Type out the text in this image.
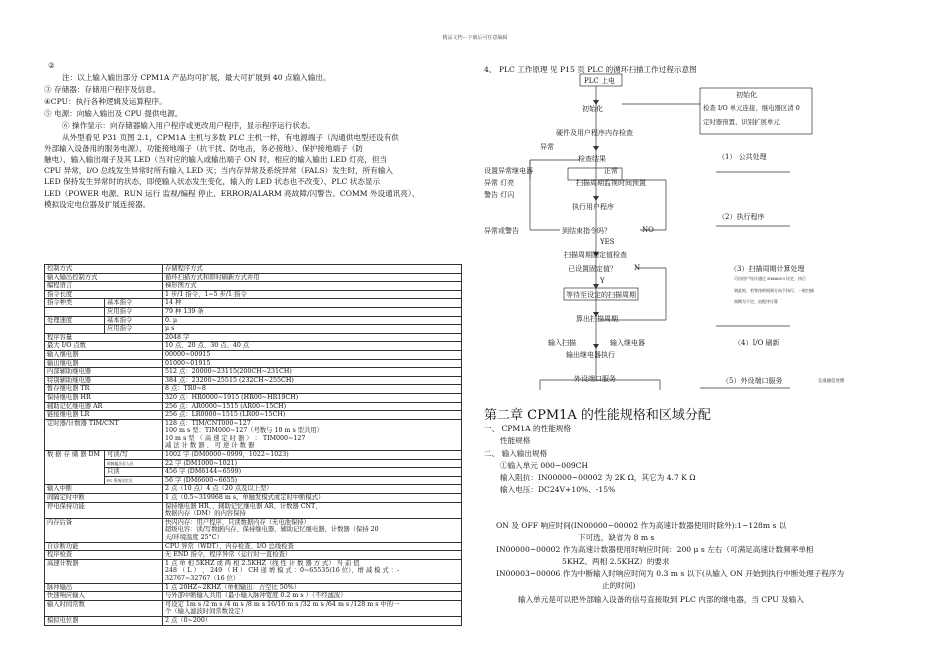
精品文档---下载后可任意编辑
②
注：以上输入输出部分 CPM1A 产品均可扩展，最大可扩展到 40 点输入输出。
③ 存储器：存储用户程序及信息。
④CPU：执行各种逻辑及运算程序。
⑤ 电源：向输入输出及 CPU 提供电源。
⑥ 操作显示：向存储器输入用户程序或更改用户程序，显示程序运行状态。
从外型看见 P31 页图 2.1，CPM1A 主机与多数 PLC 主机一样，有电源端子（沟通供电型还设有供
外部输入设备用的服务电源）、功能接地端子（抗干扰、防电击，务必接地）、保护接地端子（防
触电）、输入输出端子及其 LED（当对应的输入或输出端子 ON 时，相应的输入输出 LED 灯亮，但当
CPU 异常，I/O 总线发生异常时所有输入 LED 灭；当内存异常及系统异常（FALS）发生时，所有输入
LED 保持发生异常时的状态，即使输入状态发生变化，输入的 LED 状态也不改变）、PLC 状态显示
LED（POWER 电源、RUN 运行 监视/编程 停止、ERROR/ALARM 亮故障/闪警告、COMM 外设通讯亮）、
模拟设定电位器及扩展连接器。
控制方式		存储程序方式
输入输出控制方式		循环扫描方式和即时刷新方式并用
编程语言		梯形图方式
指令长度		1 步/1 指令，1~5 步/1 指令
指令种类	基本指令	14 种
	应用指令	79 种 139 条
处理速度	基本指令	0. μ
	应用指令	μ s
程序容量		2048 字
最大 I/O 点数		10 点、20 点、30 点、40 点
输入继电器		00000~00915
输出继电器		01000~01915
内部辅助继电器		512 点：20000~23115(200CH~231CH)
特别辅助继电器		384 点：23200~25515 (232CH~255CH)
暂存继电器 TR		8 点：TR0~8
保持继电器 HR		320 点：HR0000~1915 (HR00~HR19CH)
辅助记忆继电器 AR		256 点：AR0000~1515 (AR00~15CH)
链接继电器 LR		256 点：LR0000~1515 (LR00~15CH)
定时器/计数器 TIM/CNT		128 点：TIM/CNT000~127
100 m s 型：TIM000~127（号数与 10 m s 型共用）
10 m s 型 （ 高 速 定 时 器 ） ： TIM000~127
减 法 计 数 器 、 可 逆 计 数 器

数 据 存 储 器 DM	可读/写	1002 字 (DM0000~0999，1022~1023)
	故障履历存入区	22 字 (DM1000~1021)
	只读	456 字 (DM6144~6599)
	PC 系统设定区	56 字 (DM6600~6655)
输入中断		2 点（10 点）4 点（20 点及以上型）
间隔定时中断		1 点（0.5~319968 m s，单触发模式或定时中断模式）
停电保持功能		保持继电器 HR、、辅助记忆继电器 AR、计数器 CNT、
数据内存（DM）的内容保持
内存后备		快闪内存：用户程序、只读数据内存（无电池保持）
超级电容：读/写数据内存、保持继电器、辅助记忆继电器、计数器（保持 20
天/环境温度 25°C）
自诊断功能		CPU 异常（WDT）、内存检查、I/O 总线检查
程序检查		无 END 指令，程序异常（运行时一直检查）
高速计数器		1 点 单 相 5KHZ 或 两 相 2.5KHZ（线 性 计 数 器 方 式） 当 前 值
248 （ L ） 、 249 （ H ） CH 递 增 模 式 ：0~65535(16 位）、增 减 模 式 ：-
32767~32767（16 位）
脉冲输出		1 点 20HZ~2KHZ（单相输出：占空比 50%）
快速响应输入		与外部中断输入共用（最小输入脉冲宽度 0.2 m s ）（不经滤波）
输入时间常数		可设定 1m s /2 m s /4 m s /8 m s 16/16 m s /32 m s /64 m s /128 m s 中的一
个（输入滤波时间常数设定）
模拟电位器		2 点（0~200）
4、 PLC 工作原理 见 P15 页 PLC 的循环扫描工作过程示意图
PLC 上电
初始化
硬件及用户程序内存检查
异常
检查结果
正常
设置异常继电器
异常 灯亮
警告 灯闪
扫描周期监视时间预置
执行用户程序
异常或警告	到结束指令吗？	NO
YES
扫描周期固定值检查
已设置固定值？ N
Y
等待至设定的扫描周期
算出扫描周期
输入扫描	输入继电器
输出继电器执行
外设端口服务
初始化
检查 I/O 单元连接、继电器区清 0
定时器预置、识别扩展单元
（1） 公共处理
（2）执行程序
（3）扫描周期计算处理
可由用户设计通过 DM6619 设定，执行
到此时，若等待时间到方向下执行，一般扫描
周期为不定，由程序计算
（4）I/O 刷新
（5）外设端口服务	完成通信处理
第二章 CPM1A 的性能规格和区域分配
一、 CPM1A 的性能规格
性能规格
二、 输入输出规格
①输入单元 000~009CH
输入阻抗：IN00000~00002 为 2K Ω，其它为 4.7 K Ω
输入电压：DC24V+10%、-15%
ON 及 OFF 响应时间(IN00000~00002 作为高速计数器使用时除外):1~128m s 以
下可选，缺省为 8 m s
IN00000~00002 作为高速计数器使用时响应时间：200 μ s 左右（可满足高速计数频率单相
5KHZ、两相 2.5KHZ）的要求
IN00003~00006 作为中断输入时响应时间为 0.3 m s 以下(从输入 ON 开始到执行中断处理子程序为
止的时间)
输入单元是可以把外部输入设备的信号直接取到 PLC 内部的继电器，当 CPU 及输入
